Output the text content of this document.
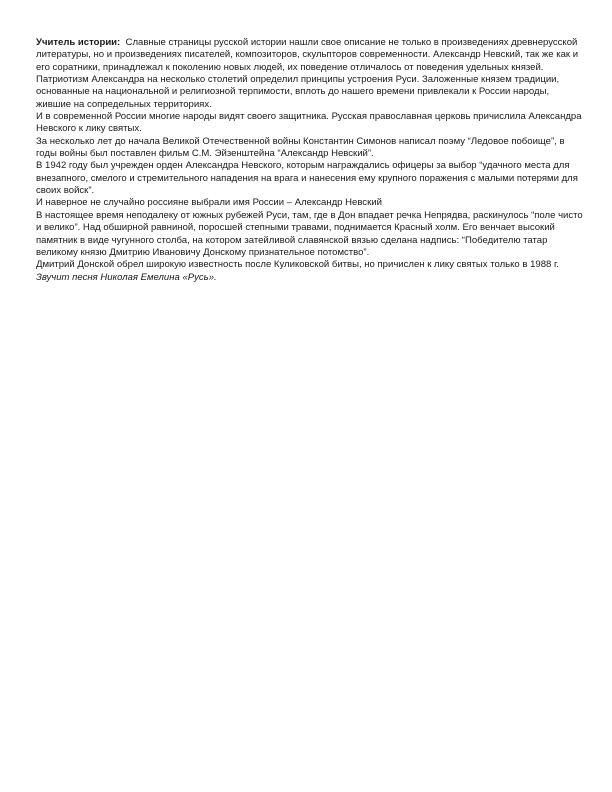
Учитель истории: Славные страницы русской истории нашли свое описание не только в произведениях древнерусской литературы, но и произведениях писателей, композиторов, скульпторов современности. Александр Невский, так же как и его соратники, принадлежал к поколению новых людей, их поведение отличалось от поведения удельных князей. Патриотизм Александра на несколько столетий определил принципы устроения Руси. Заложенные князем традиции, основанные на национальной и религиозной терпимости, вплоть до нашего времени привлекали к России народы, жившие на сопредельных территориях.

И в современной России многие народы видят своего защитника. Русская православная церковь причислила Александра Невского к лику святых.

За несколько лет до начала Великой Отечественной войны Константин Симонов написал поэму “Ледовое побоище”, в годы войны был поставлен фильм С.М. Эйзенштейна “Александр Невский”.

В 1942 году был учрежден орден Александра Невского, которым награждались офицеры за выбор “удачного места для внезапного, смелого и стремительного нападения на врага и нанесения ему крупного поражения с малыми потерями для своих войск”.

И наверное не случайно россияне выбрали имя России – Александр Невский

В настоящее время неподалеку от южных рубежей Руси, там, где в Дон впадает речка Непрядва, раскинулось “поле чисто и велико”. Над обширной равниной, поросшей степными травами, поднимается Красный холм. Его венчает высокий памятник в виде чугунного столба, на котором затейливой славянской вязью сделана надпись: “Победителю татар великому князю Дмитрию Ивановичу Донскому признательное потомство”.

Дмитрий Донской обрел широкую известность после Куликовской битвы, но причислен к лику святых только в 1988 г.

Звучит песня Николая Емелина «Русь».
